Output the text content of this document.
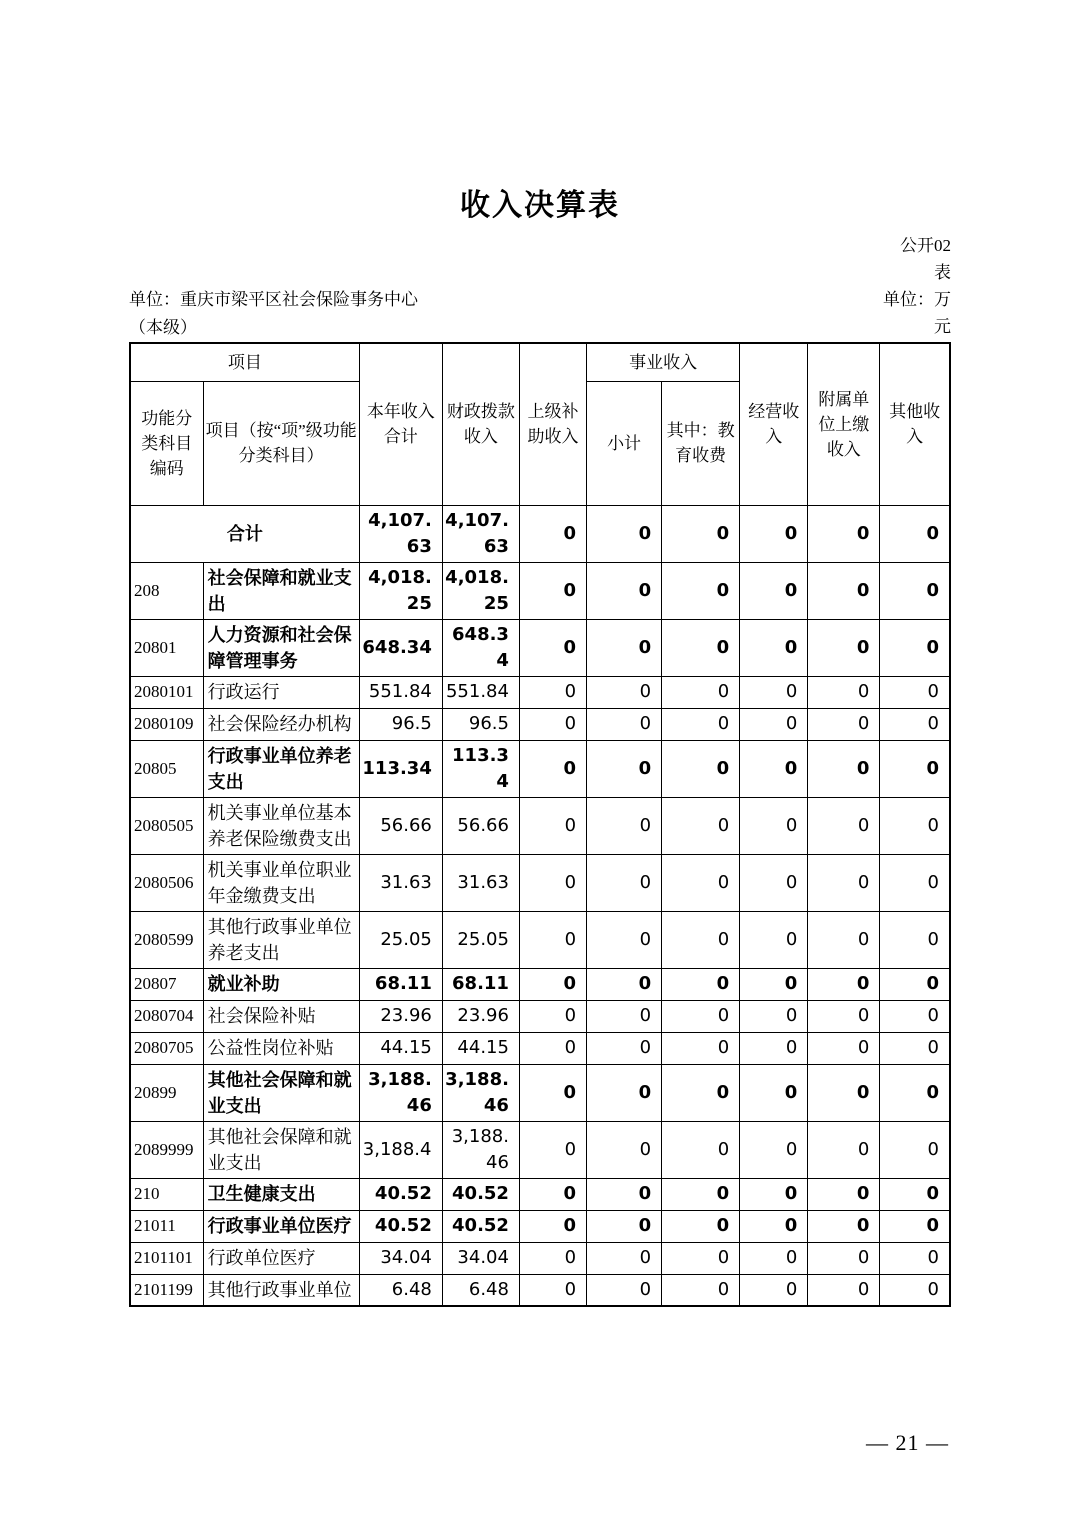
收入决算表
公开02
表
单位：万
元
单位：重庆市梁平区社会保险事务中心
（本级）
项目		本年收入合计	财政拨款收入	上级补助收入	事业收入		经营收入	附属单位上缴收入	其他收入
功能分类科目编码	项目（按“项”级功能分类科目）				小计	其中：教育收费			
合计		4,107.63	4,107.63	0	0	0	0	0	0
208	社会保障和就业支出	4,018.25	4,018.25	0	0	0	0	0	0
20801	人力资源和社会保障管理事务	648.34	648.34	0	0	0	0	0	0
2080101	行政运行	551.84	551.84	0	0	0	0	0	0
2080109	社会保险经办机构	96.5	96.5	0	0	0	0	0	0
20805	行政事业单位养老支出	113.34	113.34	0	0	0	0	0	0
2080505	机关事业单位基本养老保险缴费支出	56.66	56.66	0	0	0	0	0	0
2080506	机关事业单位职业年金缴费支出	31.63	31.63	0	0	0	0	0	0
2080599	其他行政事业单位养老支出	25.05	25.05	0	0	0	0	0	0
20807	就业补助	68.11	68.11	0	0	0	0	0	0
2080704	社会保险补贴	23.96	23.96	0	0	0	0	0	0
2080705	公益性岗位补贴	44.15	44.15	0	0	0	0	0	0
20899	其他社会保障和就业支出	3,188.46	3,188.46	0	0	0	0	0	0
2089999	其他社会保障和就业支出	3,188.4	3,188.46	0	0	0	0	0	0
210	卫生健康支出	40.52	40.52	0	0	0	0	0	0
21011	行政事业单位医疗	40.52	40.52	0	0	0	0	0	0
2101101	行政单位医疗	34.04	34.04	0	0	0	0	0	0
2101199	其他行政事业单位	6.48	6.48	0	0	0	0	0	0
— 21 —
